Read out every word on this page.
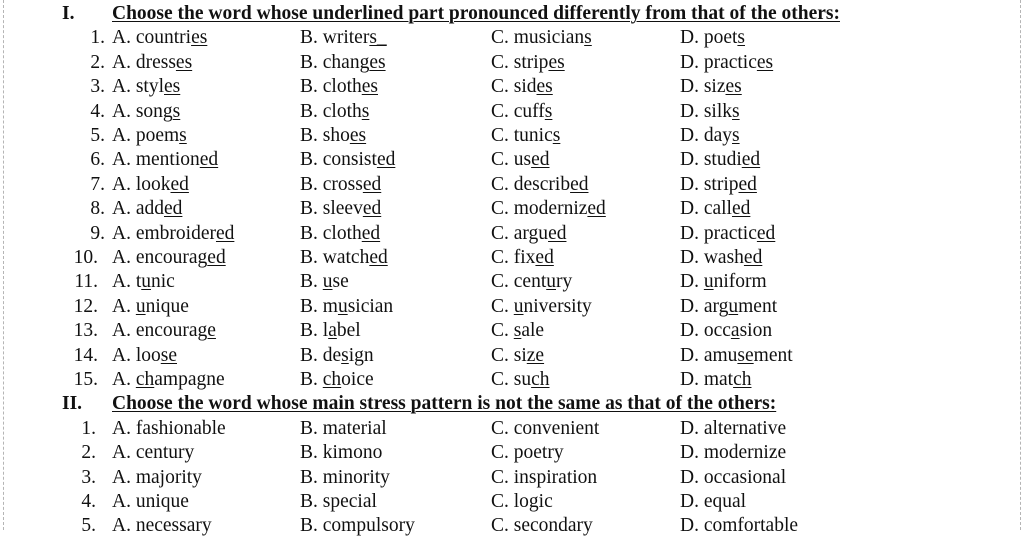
I. Choose the word whose underlined part pronounced differently from that of the others:
1. A. countries	B. writers_	C. musicians	D. poets
2. A. dresses	B. changes	C. stripes	D. practices
3. A. styles	B. clothes	C. sides	D. sizes
4. A. songs	B. cloths	C. cuffs	D. silks
5. A. poems	B. shoes	C. tunics	D. days
6. A. mentioned	B. consisted	C. used	D. studied
7. A. looked	B. crossed	C. described	D. striped
8. A. added	B. sleeved	C. modernized	D. called
9. A. embroidered	B. clothed	C. argued	D. practiced
10. A. encouraged	B. watched	C. fixed	D. washed
11. A. tunic	B. use	C. century	D. uniform
12. A. unique	B. musician	C. university	D. argument
13. A. encourage	B. label	C. sale	D. occasion
14. A. loose	B. design	C. size	D. amusement
15. A. champagne	B. choice	C. such	D. match
II. Choose the word whose main stress pattern is not the same as that of the others:
1. A. fashionable	B. material	C. convenient	D. alternative
2. A. century	B. kimono	C. poetry	D. modernize
3. A. majority	B. minority	C. inspiration	D. occasional
4. A. unique	B. special	C. logic	D. equal
5. A. necessary	B. compulsory	C. secondary	D. comfortable
